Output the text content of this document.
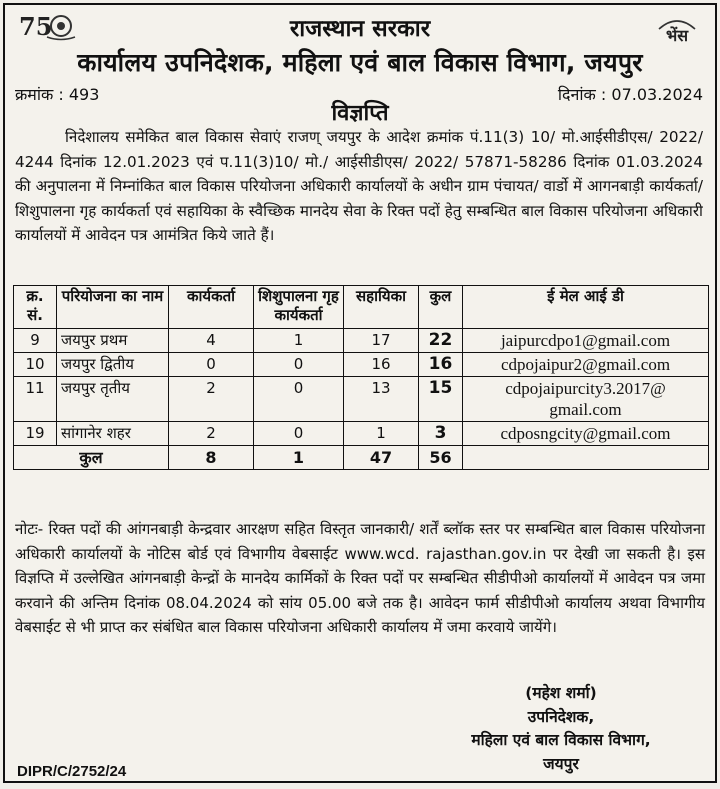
75	भेंस
राजस्थान सरकार
कार्यालय उपनिदेशक, महिला एवं बाल विकास विभाग, जयपुर
क्रमांक : 493	दिनांक : 07.03.2024
विज्ञप्ति

निदेशालय समेकित बाल विकास सेवाएं राजण् जयपुर के आदेश क्रमांक पं.11(3) 10/ मो.आईसीडीएस/ 2022/ 4244 दिनांक 12.01.2023 एवं प.11(3)10/ मो./ आईसीडीएस/ 2022/ 57871-58286 दिनांक 01.03.2024 की अनुपालना में निम्नांकित बाल विकास परियोजना अधिकारी कार्यालयों के अधीन ग्राम पंचायत/ वार्डो में आगनबाड़ी कार्यकर्ता/ शिशुपालना गृह कार्यकर्ता एवं सहायिका के स्वैच्छिक मानदेय सेवा के रिक्त पदों हेतु सम्बन्धित बाल विकास परियोजना अधिकारी कार्यालयों में आवेदन पत्र आमंत्रित किये जाते हैं।

क्र. सं.	परियोजना का नाम	कार्यकर्ता	शिशुपालना गृह कार्यकर्ता	सहायिका	कुल	ई मेल आई डी
9	जयपुर प्रथम	4	1	17	22	jaipurcdpo1@gmail.com
10	जयपुर द्वितीय	0	0	16	16	cdpojaipur2@gmail.com
11	जयपुर तृतीय	2	0	13	15	cdpojaipurcity3.2017@ gmail.com
19	सांगानेर शहर	2	0	1	3	cdposngcity@gmail.com
कुल		8	1	47	56	

नोटः- रिक्त पदों की आंगनबाड़ी केन्द्रवार आरक्षण सहित विस्तृत जानकारी/ शर्तें ब्लॉक स्तर पर सम्बन्धित बाल विकास परियोजना अधिकारी कार्यालयों के नोटिस बोर्ड एवं विभागीय वेबसाईट www.wcd. rajasthan.gov.in पर देखी जा सकती है। इस विज्ञप्ति में उल्लेखित आंगनबाड़ी केन्द्रों के मानदेय कार्मिकों के रिक्त पदों पर सम्बन्धित सीडीपीओ कार्यालयों में आवेदन पत्र जमा करवाने की अन्तिम दिनांक 08.04.2024 को सांय 05.00 बजे तक है। आवेदन फार्म सीडीपीओ कार्यालय अथवा विभागीय वेबसाईट से भी प्राप्त कर संबंधित बाल विकास परियोजना अधिकारी कार्यालय में जमा करवाये जायेंगे।

(महेश शर्मा)
उपनिदेशक,
महिला एवं बाल विकास विभाग,
जयपुर
DIPR/C/2752/24
